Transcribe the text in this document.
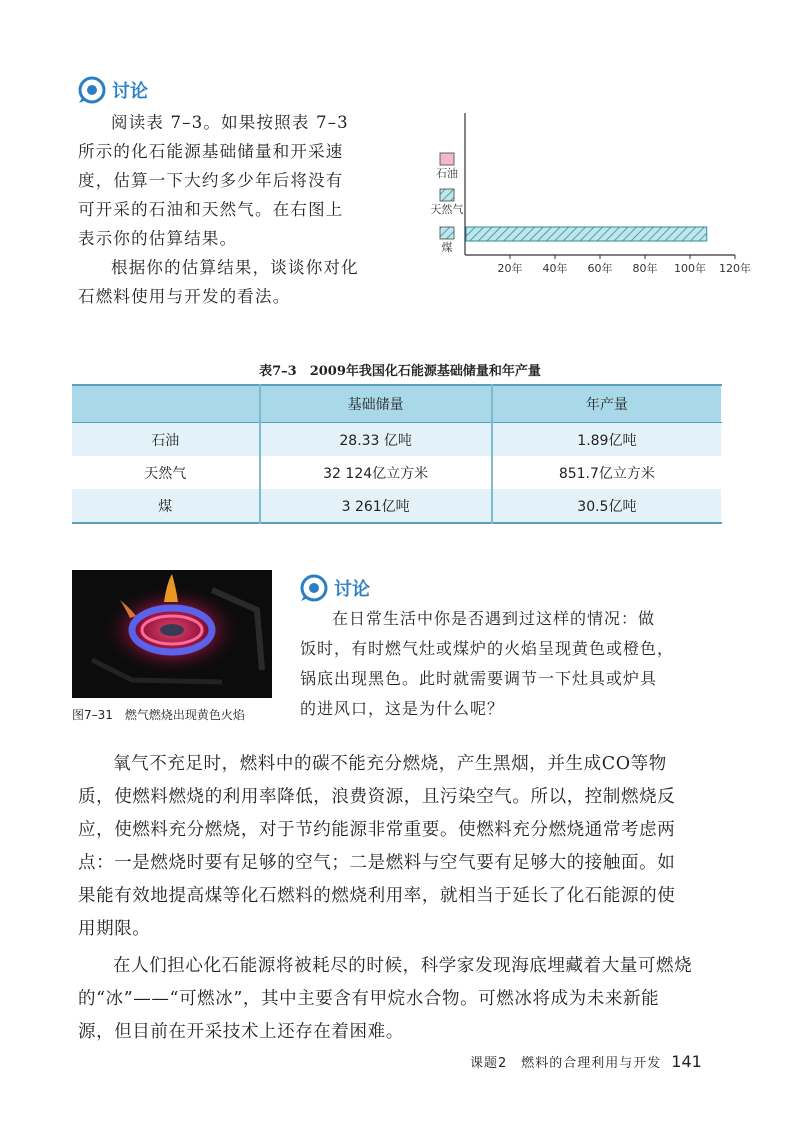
讨论

阅读表 7–3。如果按照表 7–3

所示的化石能源基础储量和开采速

度，估算一下大约多少年后将没有

可开采的石油和天然气。在右图上

表示你的估算结果。

根据你的估算结果，谈谈你对化

石燃料使用与开发的看法。

20年 40年 60年 80年 100年 120年
石油
天然气
煤
表7–3　2009年我国化石能源基础储量和年产量
	基础储量	年产量
石油	28.33 亿吨	1.89亿吨
天然气	32 124亿立方米	851.7亿立方米
煤	3 261亿吨	30.5亿吨
图7–31　燃气燃烧出现黄色火焰
讨论

在日常生活中你是否遇到过这样的情况：做

饭时，有时燃气灶或煤炉的火焰呈现黄色或橙色，

锅底出现黑色。此时就需要调节一下灶具或炉具

的进风口，这是为什么呢？

氧气不充足时，燃料中的碳不能充分燃烧，产生黑烟，并生成CO等物

质，使燃料燃烧的利用率降低，浪费资源，且污染空气。所以，控制燃烧反

应，使燃料充分燃烧，对于节约能源非常重要。使燃料充分燃烧通常考虑两

点：一是燃烧时要有足够的空气；二是燃料与空气要有足够大的接触面。如

果能有效地提高煤等化石燃料的燃烧利用率，就相当于延长了化石能源的使

用期限。

在人们担心化石能源将被耗尽的时候，科学家发现海底埋藏着大量可燃烧

的“冰”——“可燃冰”，其中主要含有甲烷水合物。可燃冰将成为未来新能

源，但目前在开采技术上还存在着困难。

课题2　燃料的合理利用与开发 141
